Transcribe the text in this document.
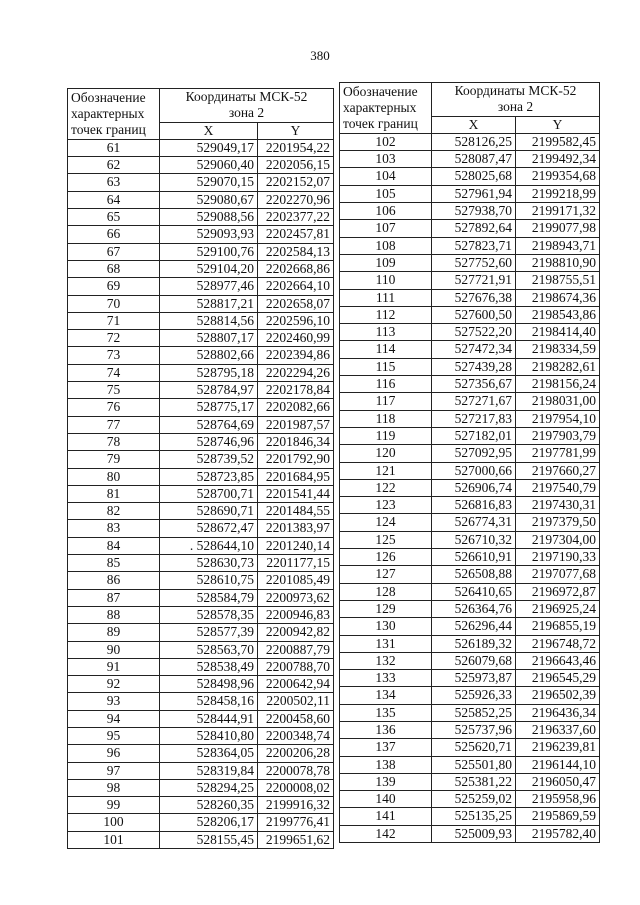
380
Обозначение
характерных
точек границ	Координаты МСК-52
зона 2	
	X	Y
61	529049,17	2201954,22
62	529060,40	2202056,15
63	529070,15	2202152,07
64	529080,67	2202270,96
65	529088,56	2202377,22
66	529093,93	2202457,81
67	529100,76	2202584,13
68	529104,20	2202668,86
69	528977,46	2202664,10
70	528817,21	2202658,07
71	528814,56	2202596,10
72	528807,17	2202460,99
73	528802,66	2202394,86
74	528795,18	2202294,26
75	528784,97	2202178,84
76	528775,17	2202082,66
77	528764,69	2201987,57
78	528746,96	2201846,34
79	528739,52	2201792,90
80	528723,85	2201684,95
81	528700,71	2201541,44
82	528690,71	2201484,55
83	528672,47	2201383,97
84	. 528644,10	2201240,14
85	528630,73	2201177,15
86	528610,75	2201085,49
87	528584,79	2200973,62
88	528578,35	2200946,83
89	528577,39	2200942,82
90	528563,70	2200887,79
91	528538,49	2200788,70
92	528498,96	2200642,94
93	528458,16	2200502,11
94	528444,91	2200458,60
95	528410,80	2200348,74
96	528364,05	2200206,28
97	528319,84	2200078,78
98	528294,25	2200008,02
99	528260,35	2199916,32
100	528206,17	2199776,41
101	528155,45	2199651,62
Обозначение
характерных
точек границ	Координаты МСК-52
зона 2	
	X	Y
102	528126,25	2199582,45
103	528087,47	2199492,34
104	528025,68	2199354,68
105	527961,94	2199218,99
106	527938,70	2199171,32
107	527892,64	2199077,98
108	527823,71	2198943,71
109	527752,60	2198810,90
110	527721,91	2198755,51
111	527676,38	2198674,36
112	527600,50	2198543,86
113	527522,20	2198414,40
114	527472,34	2198334,59
115	527439,28	2198282,61
116	527356,67	2198156,24
117	527271,67	2198031,00
118	527217,83	2197954,10
119	527182,01	2197903,79
120	527092,95	2197781,99
121	527000,66	2197660,27
122	526906,74	2197540,79
123	526816,83	2197430,31
124	526774,31	2197379,50
125	526710,32	2197304,00
126	526610,91	2197190,33
127	526508,88	2197077,68
128	526410,65	2196972,87
129	526364,76	2196925,24
130	526296,44	2196855,19
131	526189,32	2196748,72
132	526079,68	2196643,46
133	525973,87	2196545,29
134	525926,33	2196502,39
135	525852,25	2196436,34
136	525737,96	2196337,60
137	525620,71	2196239,81
138	525501,80	2196144,10
139	525381,22	2196050,47
140	525259,02	2195958,96
141	525135,25	2195869,59
142	525009,93	2195782,40
